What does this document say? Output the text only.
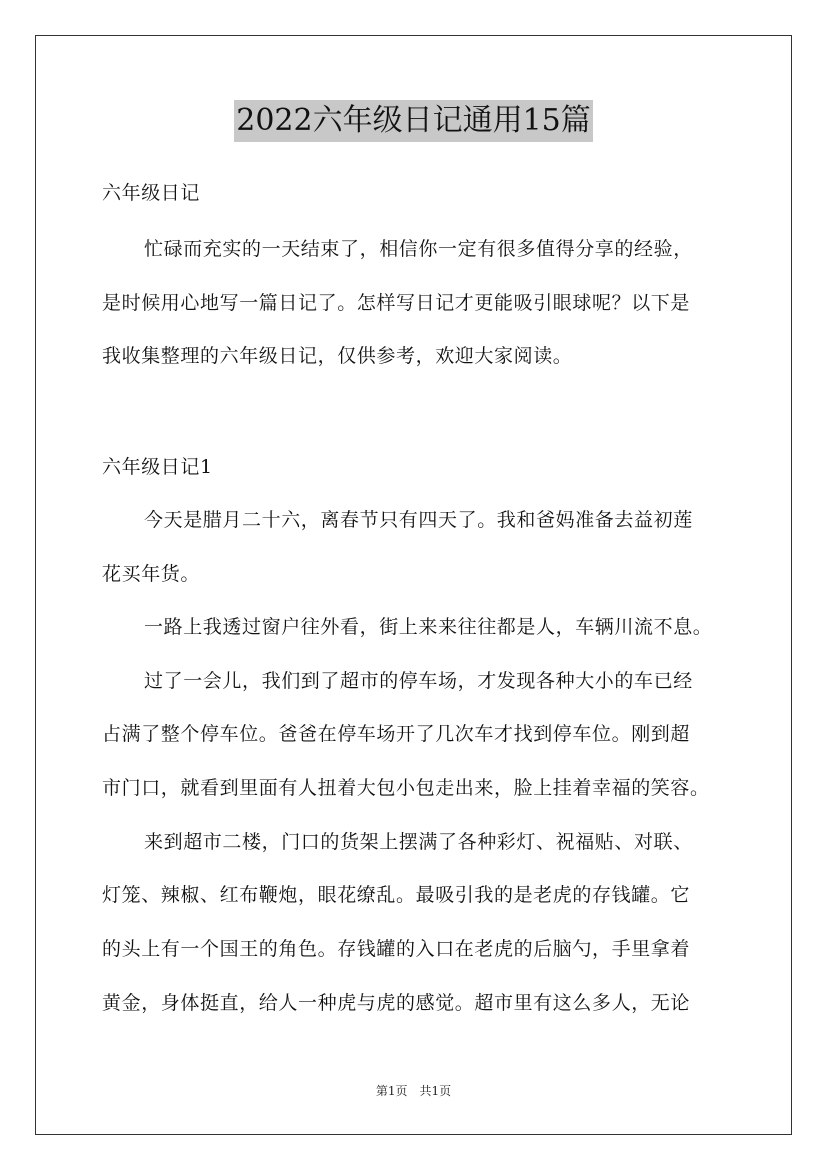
2022六年级日记通用15篇
六年级日记
忙碌而充实的一天结束了，相信你一定有很多值得分享的经验，
是时候用心地写一篇日记了。怎样写日记才更能吸引眼球呢？以下是
我收集整理的六年级日记，仅供参考，欢迎大家阅读。
六年级日记1
今天是腊月二十六，离春节只有四天了。我和爸妈准备去益初莲
花买年货。
一路上我透过窗户往外看，街上来来往往都是人，车辆川流不息。
过了一会儿，我们到了超市的停车场，才发现各种大小的车已经
占满了整个停车位。爸爸在停车场开了几次车才找到停车位。刚到超
市门口，就看到里面有人扭着大包小包走出来，脸上挂着幸福的笑容。
来到超市二楼，门口的货架上摆满了各种彩灯、祝福贴、对联、
灯笼、辣椒、红布鞭炮，眼花缭乱。最吸引我的是老虎的存钱罐。它
的头上有一个国王的角色。存钱罐的入口在老虎的后脑勺，手里拿着
黄金，身体挺直，给人一种虎与虎的感觉。超市里有这么多人，无论
第1页　共1页
